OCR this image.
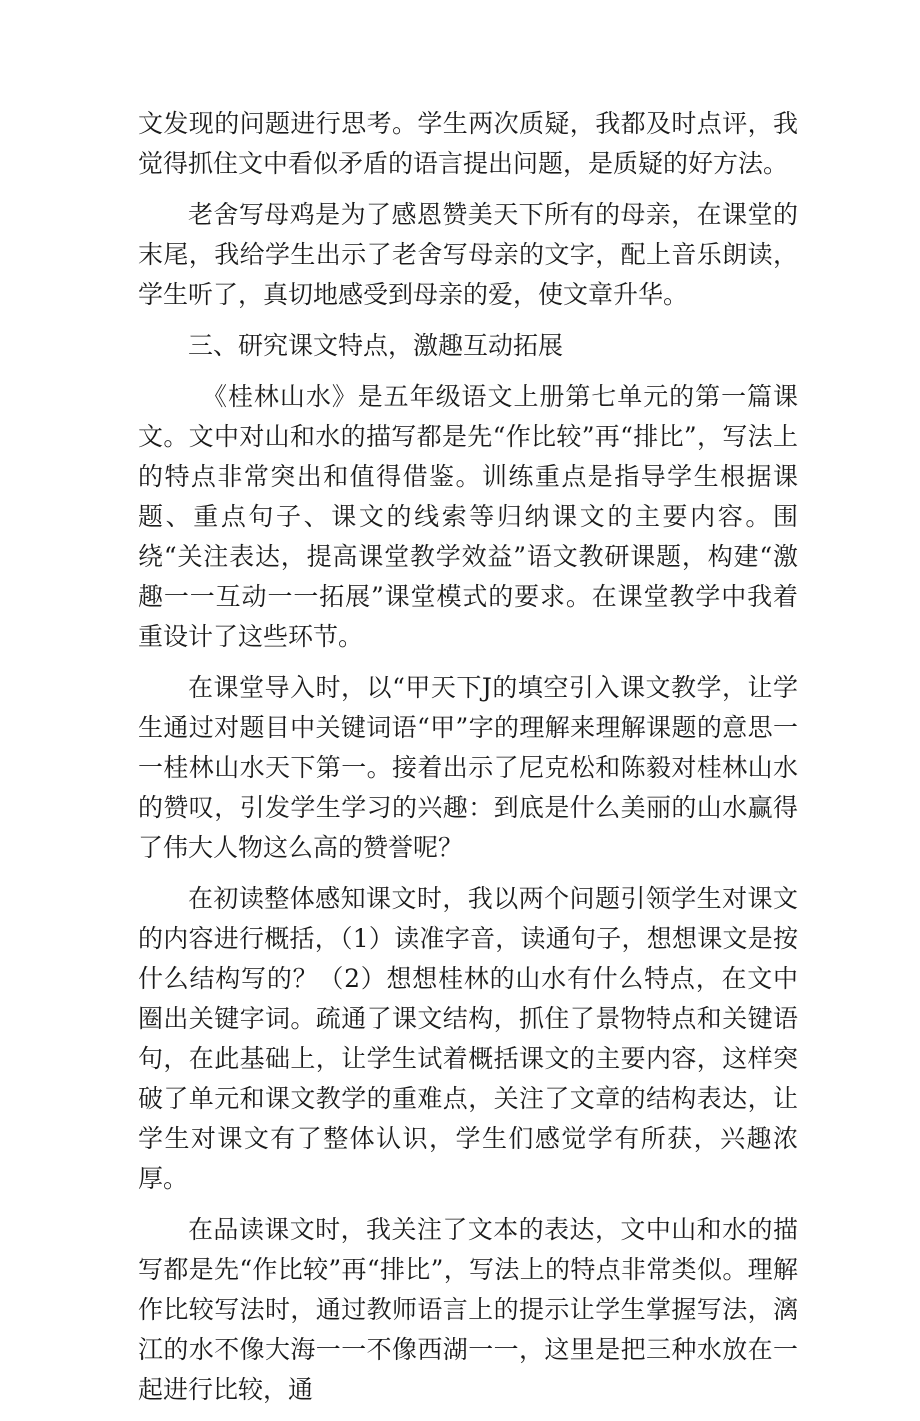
文发现的问题进行思考。学生两次质疑，我都及时点评，我觉得抓住文中看似矛盾的语言提出问题，是质疑的好方法。

老舍写母鸡是为了感恩赞美天下所有的母亲，在课堂的末尾，我给学生出示了老舍写母亲的文字，配上音乐朗读，学生听了，真切地感受到母亲的爱，使文章升华。

三、研究课文特点，激趣互动拓展

《桂林山水》是五年级语文上册第七单元的第一篇课文。文中对山和水的描写都是先“作比较”再“排比”，写法上的特点非常突出和值得借鉴。训练重点是指导学生根据课题、重点句子、课文的线索等归纳课文的主要内容。围绕“关注表达，提高课堂教学效益”语文教研课题，构建“激趣一一互动一一拓展”课堂模式的要求。在课堂教学中我着重设计了这些环节。

在课堂导入时，以“甲天下J的填空引入课文教学，让学生通过对题目中关键词语“甲”字的理解来理解课题的意思一一桂林山水天下第一。接着出示了尼克松和陈毅对桂林山水的赞叹，引发学生学习的兴趣：到底是什么美丽的山水赢得了伟大人物这么高的赞誉呢？

在初读整体感知课文时，我以两个问题引领学生对课文的内容进行概括，（1）读准字音，读通句子，想想课文是按什么结构写的？（2）想想桂林的山水有什么特点，在文中圈出关键字词。疏通了课文结构，抓住了景物特点和关键语句，在此基础上，让学生试着概括课文的主要内容，这样突破了单元和课文教学的重难点，关注了文章的结构表达，让学生对课文有了整体认识，学生们感觉学有所获，兴趣浓厚。

在品读课文时，我关注了文本的表达，文中山和水的描写都是先“作比较”再“排比”，写法上的特点非常类似。理解作比较写法时，通过教师语言上的提示让学生掌握写法，漓江的水不像大海一一不像西湖一一，这里是把三种水放在一起进行比较，通
